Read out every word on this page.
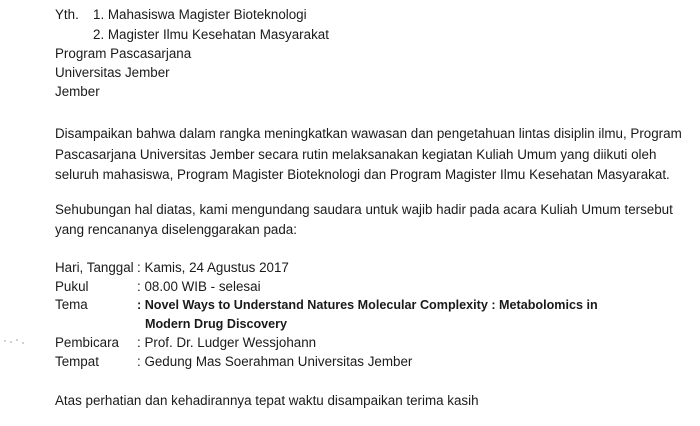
Yth. 1. Mahasiswa Magister Bioteknologi
2. Magister Ilmu Kesehatan Masyarakat
Program Pascasarjana
Universitas Jember
Jember
Disampaikan bahwa dalam rangka meningkatkan wawasan dan pengetahuan lintas disiplin ilmu, Program
Pascasarjana Universitas Jember secara rutin melaksanakan kegiatan Kuliah Umum yang diikuti oleh
seluruh mahasiswa, Program Magister Bioteknologi dan Program Magister Ilmu Kesehatan Masyarakat.
Sehubungan hal diatas, kami mengundang saudara untuk wajib hadir pada acara Kuliah Umum tersebut
yang rencananya diselenggarakan pada:
Hari, Tanggal : Kamis, 24 Agustus 2017
Pukul	: 08.00 WIB - selesai
Tema	: Novel Ways to Understand Natures Molecular Complexity : Metabolomics in
Modern Drug Discovery
Pembicara : Prof. Dr. Ludger Wessjohann
Tempat	: Gedung Mas Soerahman Universitas Jember
Atas perhatian dan kehadirannya tepat waktu disampaikan terima kasih
